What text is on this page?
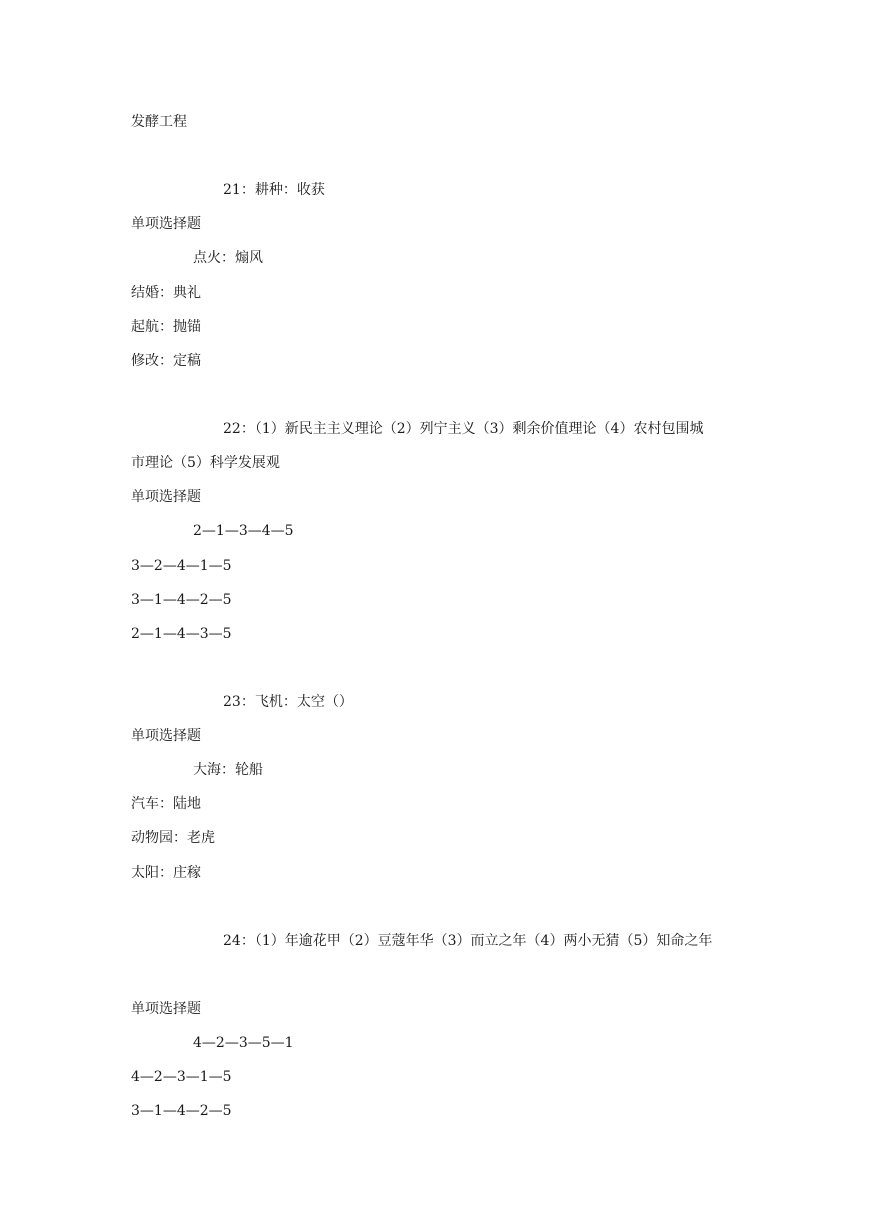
发酵工程
21：耕种：收获
单项选择题
点火：煽风
结婚：典礼
起航：抛锚
修改：定稿
22：（1）新民主主义理论（2）列宁主义（3）剩余价值理论（4）农村包围城
市理论（5）科学发展观
单项选择题
2—1—3—4—5
3—2—4—1—5
3—1—4—2—5
2—1—4—3—5
23：飞机：太空（）
单项选择题
大海：轮船
汽车：陆地
动物园：老虎
太阳：庄稼
24：（1）年逾花甲（2）豆蔻年华（3）而立之年（4）两小无猜（5）知命之年
单项选择题
4—2—3—5—1
4—2—3—1—5
3—1—4—2—5
